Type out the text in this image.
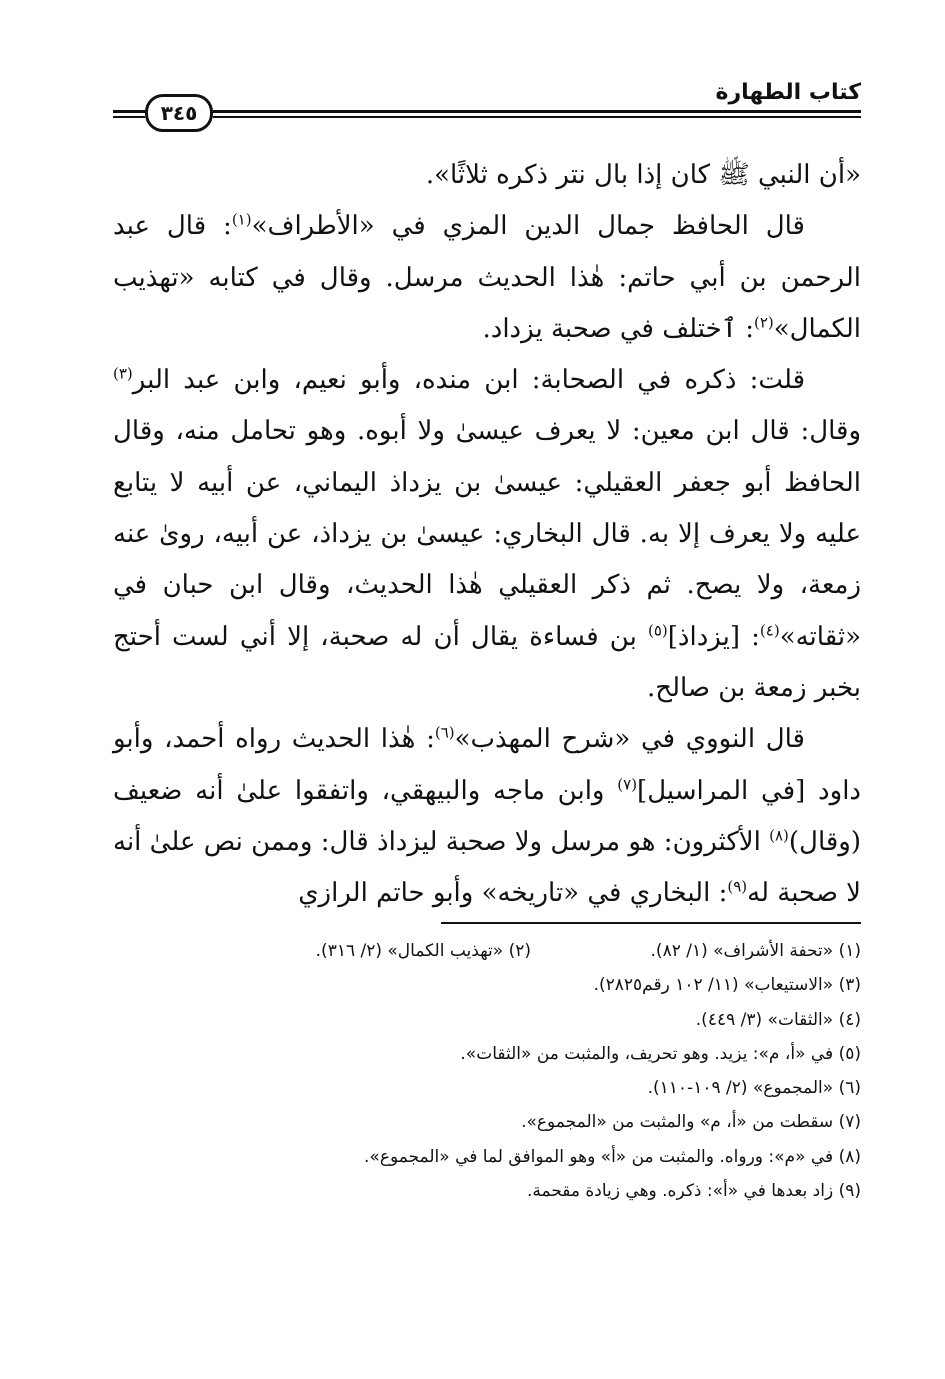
كتاب الطهارة
٣٤٥

«أن النبي ﷺ كان إذا بال نتر ذكره ثلاثًا».

قال الحافظ جمال الدين المزي في «الأطراف»$^{(١)}$: قال عبد الرحمن بن أبي حاتم: هٰذا الحديث مرسل. وقال في كتابه «تهذيب الكمال»$^{(٢)}$: ٱختلف في صحبة يزداد.

قلت: ذكره في الصحابة: ابن منده، وأبو نعيم، وابن عبد البر$^{(٣)}$ وقال: قال ابن معين: لا يعرف عيسىٰ ولا أبوه. وهو تحامل منه، وقال الحافظ أبو جعفر العقيلي: عيسىٰ بن يزداذ اليماني، عن أبيه لا يتابع عليه ولا يعرف إلا به. قال البخاري: عيسىٰ بن يزداذ، عن أبيه، روىٰ عنه زمعة، ولا يصح. ثم ذكر العقيلي هٰذا الحديث، وقال ابن حبان في «ثقاته»$^{(٤)}$: [يزداذ]$^{(٥)}$ بن فساءة يقال أن له صحبة، إلا أني لست أحتج بخبر زمعة بن صالح.

قال النووي في «شرح المهذب»$^{(٦)}$: هٰذا الحديث رواه أحمد، وأبو داود [في المراسيل]$^{(٧)}$ وابن ماجه والبيهقي، واتفقوا علىٰ أنه ضعيف (وقال)$^{(٨)}$ الأكثرون: هو مرسل ولا صحبة ليزداذ قال: وممن نص علىٰ أنه لا صحبة له$^{(٩)}$: البخاري في «تاريخه» وأبو حاتم الرازي

(١) «تحفة الأشراف» (١/ ٨٢).
(٢) «تهذيب الكمال» (٢/ ٣١٦).
(٣) «الاستيعاب» (١١/ ١٠٢ رقم٢٨٢٥).
(٤) «الثقات» (٣/ ٤٤٩).
(٥) في «أ، م»: يزيد. وهو تحريف، والمثبت من «الثقات».
(٦) «المجموع» (٢/ ١٠٩-١١٠).
(٧) سقطت من «أ، م» والمثبت من «المجموع».
(٨) في «م»: ورواه. والمثبت من «أ» وهو الموافق لما في «المجموع».
(٩) زاد بعدها في «أ»: ذكره. وهي زيادة مقحمة.
